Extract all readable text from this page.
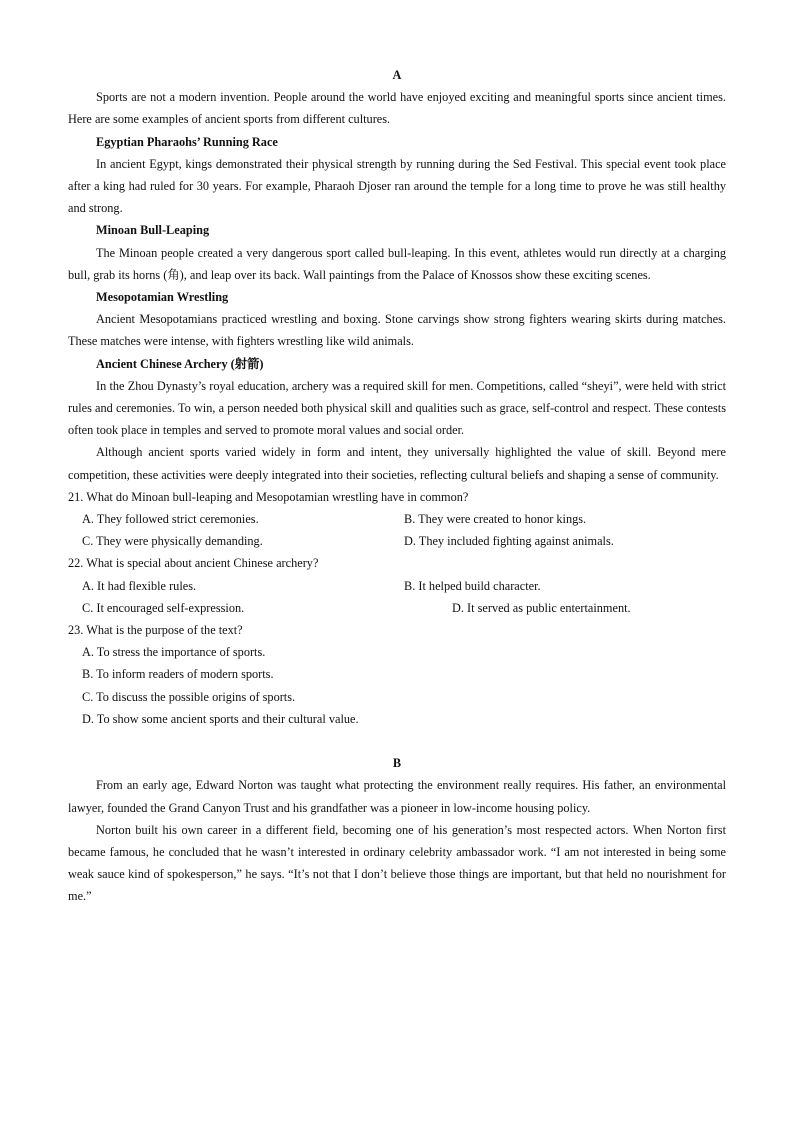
A

Sports are not a modern invention. People around the world have enjoyed exciting and meaningful sports since ancient times. Here are some examples of ancient sports from different cultures.

Egyptian Pharaohs’ Running Race

In ancient Egypt, kings demonstrated their physical strength by running during the Sed Festival. This special event took place after a king had ruled for 30 years. For example, Pharaoh Djoser ran around the temple for a long time to prove he was still healthy and strong.

Minoan Bull-Leaping

The Minoan people created a very dangerous sport called bull-leaping. In this event, athletes would run directly at a charging bull, grab its horns (角), and leap over its back. Wall paintings from the Palace of Knossos show these exciting scenes.

Mesopotamian Wrestling

Ancient Mesopotamians practiced wrestling and boxing. Stone carvings show strong fighters wearing skirts during matches. These matches were intense, with fighters wrestling like wild animals.

Ancient Chinese Archery (射箭)

In the Zhou Dynasty’s royal education, archery was a required skill for men. Competitions, called “sheyi”, were held with strict rules and ceremonies. To win, a person needed both physical skill and qualities such as grace, self-control and respect. These contests often took place in temples and served to promote moral values and social order.

Although ancient sports varied widely in form and intent, they universally highlighted the value of skill. Beyond mere competition, these activities were deeply integrated into their societies, reflecting cultural beliefs and shaping a sense of community.

21. What do Minoan bull-leaping and Mesopotamian wrestling have in common?
A. They followed strict ceremonies.	B. They were created to honor kings.
C. They were physically demanding.	D. They included fighting against animals.
22. What is special about ancient Chinese archery?
A. It had flexible rules.	B. It helped build character.
C. It encouraged self-expression.	D. It served as public entertainment.
23. What is the purpose of the text?
A. To stress the importance of sports.
B. To inform readers of modern sports.
C. To discuss the possible origins of sports.
D. To show some ancient sports and their cultural value.
B

From an early age, Edward Norton was taught what protecting the environment really requires. His father, an environmental lawyer, founded the Grand Canyon Trust and his grandfather was a pioneer in low-income housing policy.

Norton built his own career in a different field, becoming one of his generation’s most respected actors. When Norton first became famous, he concluded that he wasn’t interested in ordinary celebrity ambassador work. “I am not interested in being some weak sauce kind of spokesperson,” he says. “It’s not that I don’t believe those things are important, but that held no nourishment for me.”
